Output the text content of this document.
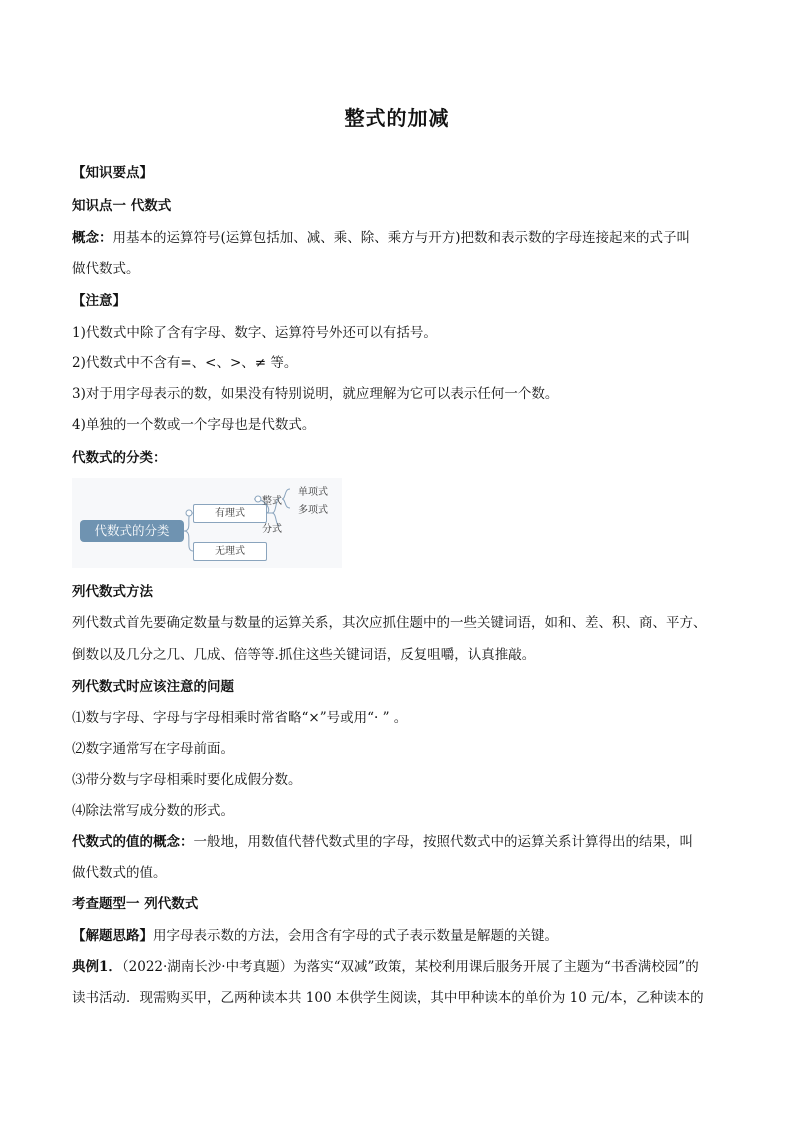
整式的加减
【知识要点】
知识点一 代数式
概念：用基本的运算符号(运算包括加、减、乘、除、乘方与开方)把数和表示数的字母连接起来的式子叫
做代数式。
【注意】
1)代数式中除了含有字母、数字、运算符号外还可以有括号。
2)代数式中不含有=、<、>、≠ 等。
3)对于用字母表示的数，如果没有特别说明，就应理解为它可以表示任何一个数。
4)单独的一个数或一个字母也是代数式。
代数式的分类：
代数式的分类
有理式
无理式
整式
分式
单项式
多项式
列代数式方法
列代数式首先要确定数量与数量的运算关系，其次应抓住题中的一些关键词语，如和、差、积、商、平方、
倒数以及几分之几、几成、倍等等.抓住这些关键词语，反复咀嚼，认真推敲。
列代数式时应该注意的问题
⑴数与字母、字母与字母相乘时常省略“×”号或用“· ” 。
⑵数字通常写在字母前面。
⑶带分数与字母相乘时要化成假分数。
⑷除法常写成分数的形式。
代数式的值的概念：一般地，用数值代替代数式里的字母，按照代数式中的运算关系计算得出的结果，叫
做代数式的值。
考查题型一 列代数式
【解题思路】用字母表示数的方法，会用含有字母的式子表示数量是解题的关键。
典例1．（2022·湖南长沙·中考真题）为落实“双减”政策，某校利用课后服务开展了主题为“书香满校园”的
读书活动．现需购买甲，乙两种读本共 100 本供学生阅读，其中甲种读本的单价为 10 元/本，乙种读本的
